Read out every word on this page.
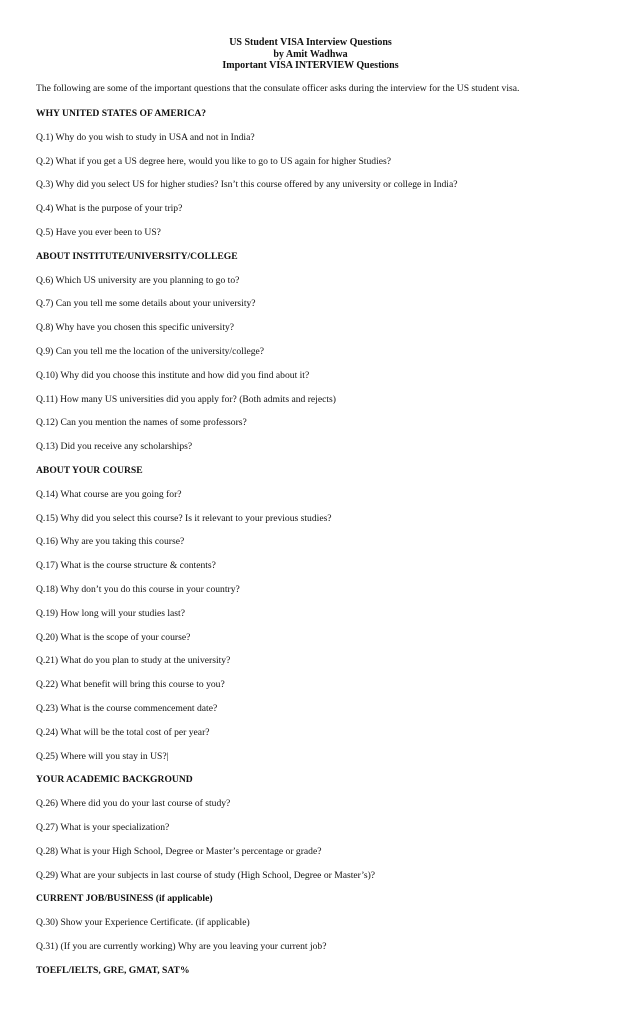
US Student VISA Interview Questions
by Amit Wadhwa
Important VISA INTERVIEW Questions
The following are some of the important questions that the consulate officer asks during the interview for the US student visa.
WHY UNITED STATES OF AMERICA?
Q.1) Why do you wish to study in USA and not in India?
Q.2) What if you get a US degree here, would you like to go to US again for higher Studies?
Q.3) Why did you select US for higher studies? Isn’t this course offered by any university or college in India?
Q.4) What is the purpose of your trip?
Q.5) Have you ever been to US?
ABOUT INSTITUTE/UNIVERSITY/COLLEGE
Q.6) Which US university are you planning to go to?
Q.7) Can you tell me some details about your university?
Q.8) Why have you chosen this specific university?
Q.9) Can you tell me the location of the university/college?
Q.10) Why did you choose this institute and how did you find about it?
Q.11) How many US universities did you apply for? (Both admits and rejects)
Q.12) Can you mention the names of some professors?
Q.13) Did you receive any scholarships?
ABOUT YOUR COURSE
Q.14) What course are you going for?
Q.15) Why did you select this course? Is it relevant to your previous studies?
Q.16) Why are you taking this course?
Q.17) What is the course structure & contents?
Q.18) Why don’t you do this course in your country?
Q.19) How long will your studies last?
Q.20) What is the scope of your course?
Q.21) What do you plan to study at the university?
Q.22) What benefit will bring this course to you?
Q.23) What is the course commencement date?
Q.24) What will be the total cost of per year?
Q.25) Where will you stay in US?|
YOUR ACADEMIC BACKGROUND
Q.26) Where did you do your last course of study?
Q.27) What is your specialization?
Q.28) What is your High School, Degree or Master’s percentage or grade?
Q.29) What are your subjects in last course of study (High School, Degree or Master’s)?
CURRENT JOB/BUSINESS (if applicable)
Q.30) Show your Experience Certificate. (if applicable)
Q.31) (If you are currently working) Why are you leaving your current job?
TOEFL/IELTS, GRE, GMAT, SAT%
